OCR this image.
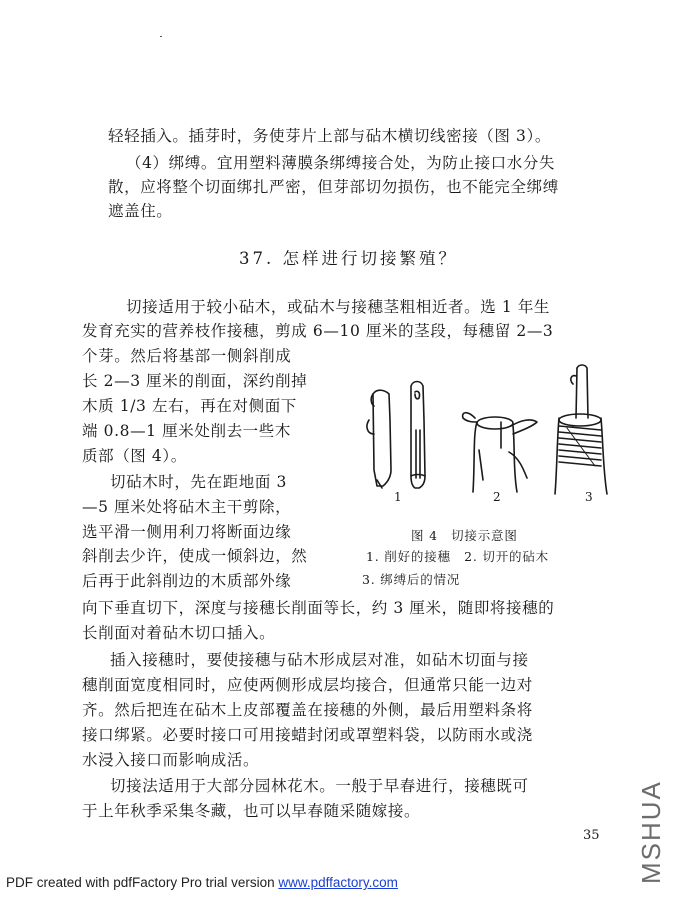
轻轻插入。插芽时，务使芽片上部与砧木横切线密接（图 3）。
（4）绑缚。宜用塑料薄膜条绑缚接合处，为防止接口水分失
散，应将整个切面绑扎严密，但芽部切勿损伤，也不能完全绑缚
遮盖住。
37. 怎样进行切接繁殖？
切接适用于较小砧木，或砧木与接穗茎粗相近者。选 1 年生
发育充实的营养枝作接穗，剪成 6—10 厘米的茎段，每穗留 2—3
个芽。然后将基部一侧斜削成
长 2—3 厘米的削面，深约削掉
木质 1/3 左右，再在对侧面下
端 0.8—1 厘米处削去一些木
质部（图 4）。
切砧木时，先在距地面 3
—5 厘米处将砧木主干剪除，
选平滑一侧用利刀将断面边缘
斜削去少许，使成一倾斜边，然
后再于此斜削边的木质部外缘
1	2	3
图 4　切接示意图
1. 削好的接穗　2. 切开的砧木
3. 绑缚后的情况
向下垂直切下，深度与接穗长削面等长，约 3 厘米，随即将接穗的
长削面对着砧木切口插入。
插入接穗时，要使接穗与砧木形成层对准，如砧木切面与接
穗削面宽度相同时，应使两侧形成层均接合，但通常只能一边对
齐。然后把连在砧木上皮部覆盖在接穗的外侧，最后用塑料条将
接口绑紧。必要时接口可用接蜡封闭或罩塑料袋，以防雨水或浇
水浸入接口而影响成活。
切接法适用于大部分园林花木。一般于早春进行，接穗既可
于上年秋季采集冬藏，也可以早春随采随嫁接。
35
PDF created with pdfFactory Pro trial version www.pdffactory.com	MSHUA
